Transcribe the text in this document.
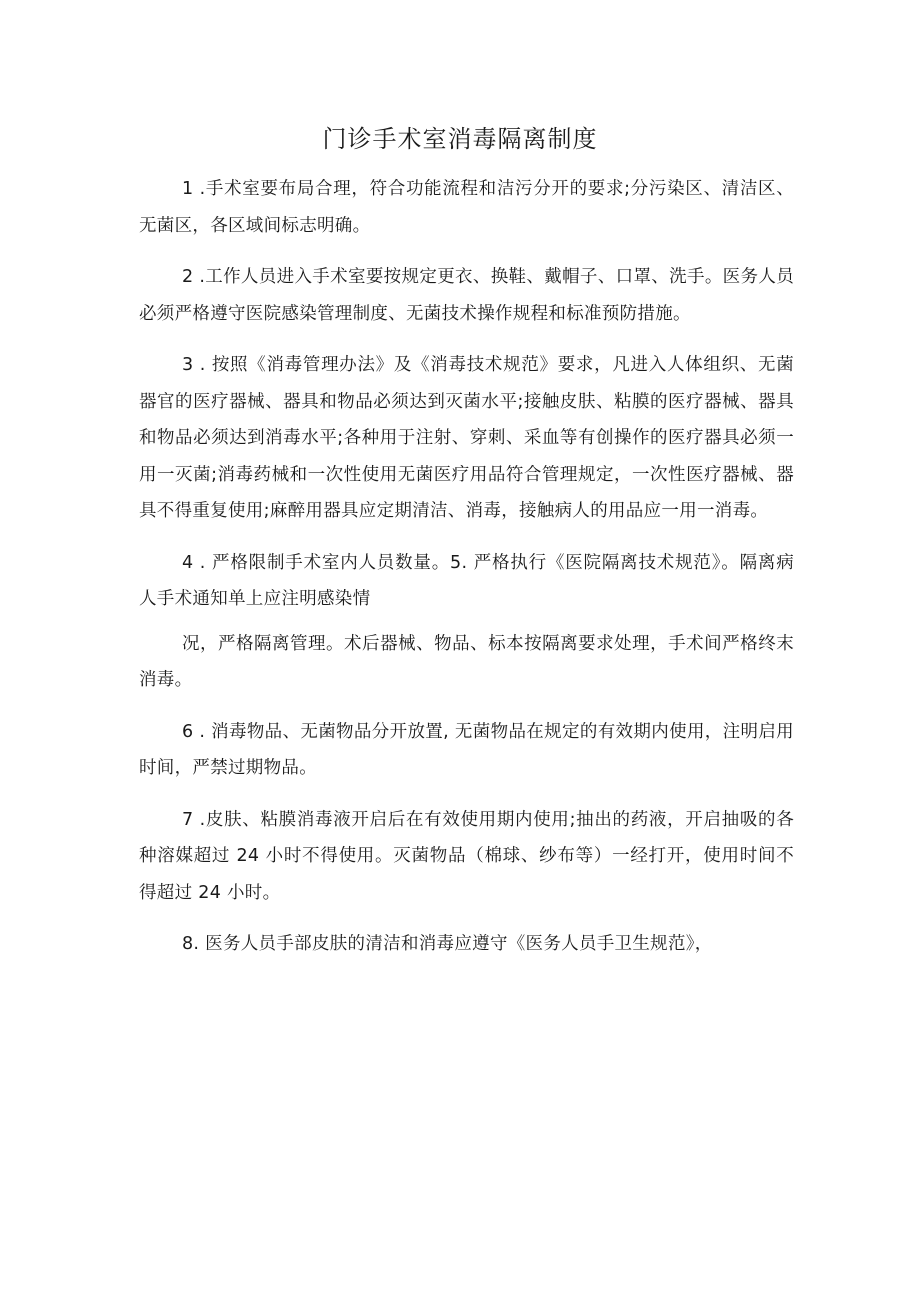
门诊手术室消毒隔离制度

1 .手术室要布局合理，符合功能流程和洁污分开的要求;分污染区、清洁区、无菌区，各区域间标志明确。

2 .工作人员进入手术室要按规定更衣、换鞋、戴帽子、口罩、洗手。医务人员必须严格遵守医院感染管理制度、无菌技术操作规程和标准预防措施。

3 . 按照《消毒管理办法》及《消毒技术规范》要求，凡进入人体组织、无菌器官的医疗器械、器具和物品必须达到灭菌水平;接触皮肤、粘膜的医疗器械、器具和物品必须达到消毒水平;各种用于注射、穿刺、采血等有创操作的医疗器具必须一用一灭菌;消毒药械和一次性使用无菌医疗用品符合管理规定，一次性医疗器械、器具不得重复使用;麻醉用器具应定期清洁、消毒，接触病人的用品应一用一消毒。

4 . 严格限制手术室内人员数量。5. 严格执行《医院隔离技术规范》。隔离病人手术通知单上应注明感染情

况，严格隔离管理。术后器械、物品、标本按隔离要求处理，手术间严格终末消毒。

6 . 消毒物品、无菌物品分开放置, 无菌物品在规定的有效期内使用，注明启用时间，严禁过期物品。

7 .皮肤、粘膜消毒液开启后在有效使用期内使用;抽出的药液，开启抽吸的各种溶媒超过 24 小时不得使用。灭菌物品（棉球、纱布等）一经打开，使用时间不得超过 24 小时。

8. 医务人员手部皮肤的清洁和消毒应遵守《医务人员手卫生规范》，
